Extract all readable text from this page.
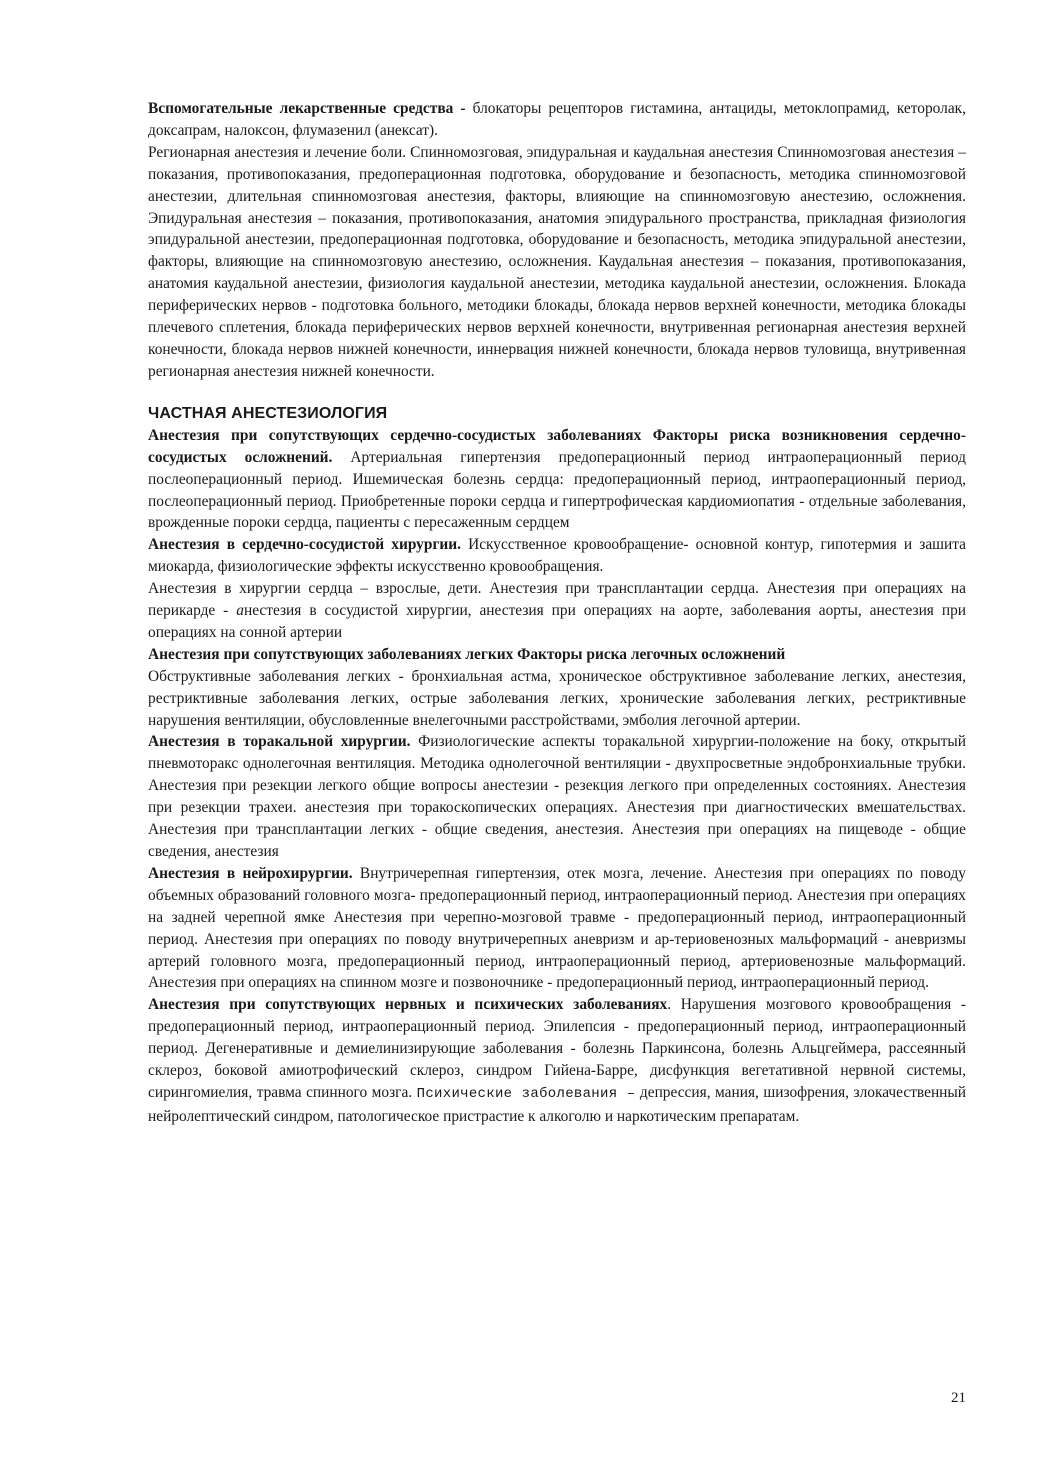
Вспомогательные лекарственные средства - блокаторы рецепторов гистамина, антациды, метоклопрамид, кеторолак, доксапрам, налоксон, флумазенил (анексат).

Регионарная анестезия и лечение боли. Спинномозговая, эпидуральная и каудальная анестезия Спинномозговая анестезия – показания, противопоказания, предоперационная подготовка, оборудование и безопасность, методика спинномозговой анестезии, длительная спинномозговая анестезия, факторы, влияющие на спинномозговую анестезию, осложнения. Эпидуральная анестезия – показания, противопоказания, анатомия эпидурального пространства, прикладная физиология эпидуральной анестезии, предоперационная подготовка, оборудование и безопасность, методика эпидуральной анестезии, факторы, влияющие на спинномозговую анестезию, осложнения. Каудальная анестезия – показания, противопоказания, анатомия каудальной анестезии, физиология каудальной анестезии, методика каудальной анестезии, осложнения. Блокада периферических нервов - подготовка больного, методики блокады, блокада нервов верхней конечности, методика блокады плечевого сплетения, блокада периферических нервов верхней конечности, внутривенная регионарная анестезия верхней конечности, блокада нервов нижней конечности, иннервация нижней конечности, блокада нервов туловища, внутривенная регионарная анестезия нижней конечности.

ЧАСТНАЯ АНЕСТЕЗИОЛОГИЯ

Анестезия при сопутствующих сердечно-сосудистых заболеваниях Факторы риска возникновения сердечно-сосудистых осложнений. Артериальная гипертензия предоперационный период интраоперационный период послеоперационный период. Ишемическая болезнь сердца: предоперационный период, интраоперационный период, послеоперационный период. Приобретенные пороки сердца и гипертрофическая кардиомиопатия - отдельные заболевания, врожденные пороки сердца, пациенты с пересаженным сердцем

Анестезия в сердечно-сосудистой хирургии. Искусственное кровообращение- основной контур, гипотермия и зашита миокарда, физиологические эффекты искусственно кровообращения.

Анестезия в хирургии сердца – взрослые, дети. Анестезия при трансплантации сердца. Анестезия при операциях на перикарде - анестезия в сосудистой хирургии, анестезия при операциях на аорте, заболевания аорты, анестезия при операциях на сонной артерии

Анестезия при сопутствующих заболеваниях легких Факторы риска легочных осложнений

Обструктивные заболевания легких - бронхиальная астма, хроническое обструктивное заболевание легких, анестезия, рестриктивные заболевания легких, острые заболевания легких, хронические заболевания легких, рестриктивные нарушения вентиляции, обусловленные внелегочными расстройствами, эмболия легочной артерии.

Анестезия в торакальной хирургии. Физиологические аспекты торакальной хирургии-положение на боку, открытый пневмоторакс однолегочная вентиляция. Методика однолегочной вентиляции - двухпросветные эндобронхиальные трубки. Анестезия при резекции легкого общие вопросы анестезии - резекция легкого при определенных состояниях. Анестезия при резекции трахеи. анестезия при торакоскопических операциях. Анестезия при диагностических вмешательствах. Анестезия при трансплантации легких - общие сведения, анестезия. Анестезия при операциях на пищеводе - общие сведения, анестезия

Анестезия в нейрохирургии. Внутричерепная гипертензия, отек мозга, лечение. Анестезия при операциях по поводу объемных образований головного мозга- предоперационный период, интраоперационный период. Анестезия при операциях на задней черепной ямке Анестезия при черепно-мозговой травме - предоперационный период, интраоперационный период. Анестезия при операциях по поводу внутричерепных аневризм и ар-териовенозных мальформаций - аневризмы артерий головного мозга, предоперационный период, интраоперационный период, артериовенозные мальформаций. Анестезия при операциях на спинном мозге и позвоночнике - предоперационный период, интраоперационный период.

Анестезия при сопутствующих нервных и психических заболеваниях. Нарушения мозгового кровообращения - предоперационный период, интраоперационный период. Эпилепсия - предоперационный период, интраоперационный период. Дегенеративные и демиелинизирующие заболевания - болезнь Паркинсона, болезнь Альцгеймера, рассеянный склероз, боковой амиотрофический склероз, синдром Гийена-Барре, дисфункция вегетативной нервной системы, сирингомиелия, травма спинного мозга. Психические заболевания – депрессия, мания, шизофрения, злокачественный нейролептический синдром, патологическое пристрастие к алкоголю и наркотическим препаратам.

21
